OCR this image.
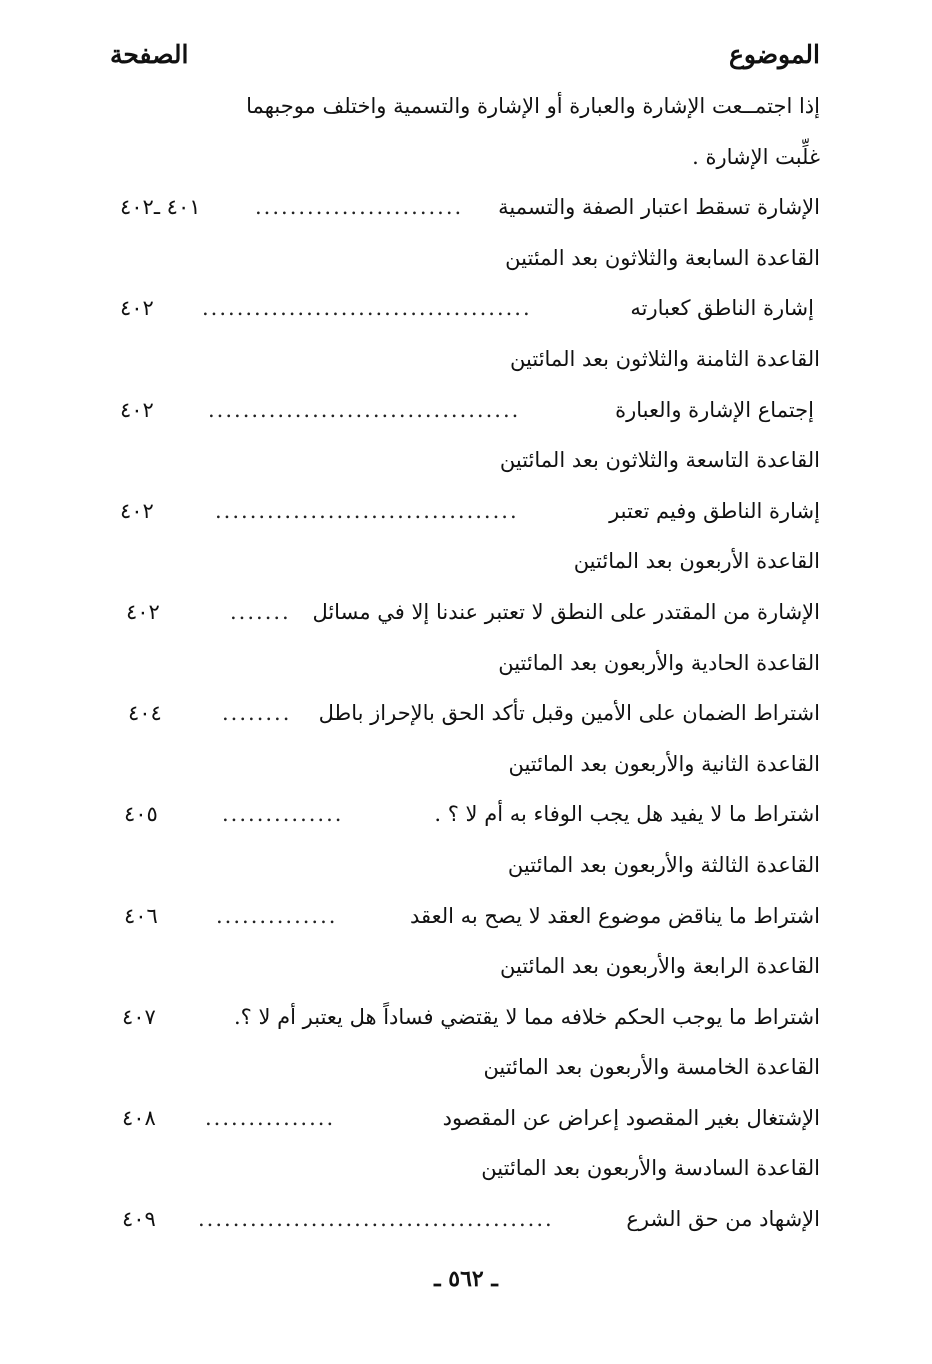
الموضوع
الصفحة
إذا اجتمــعت الإشارة والعبارة أو الإشارة والتسمية واختلف موجبهما
غلِّبت الإشارة .
الإشارة تسقط اعتبار الصفة والتسمية
........................
٤٠١ ـ٤٠٢
القاعدة السابعة والثلاثون بعد المئتين
إشارة الناطق كعبارته
......................................
٤٠٢
القاعدة الثامنة والثلاثون بعد المائتين
إجتماع الإشارة والعبارة
....................................
٤٠٢
القاعدة التاسعة والثلاثون بعد المائتين
إشارة الناطق وفيم تعتبر
...................................
٤٠٢
القاعدة الأربعون بعد المائتين
الإشارة من المقتدر على النطق لا تعتبر عندنا إلا في مسائل
.......
٤٠٢
القاعدة الحادية والأربعون بعد المائتين
اشتراط الضمان على الأمين وقبل تأكد الحق بالإحراز باطل
........
٤٠٤
القاعدة الثانية والأربعون بعد المائتين
اشتراط ما لا يفيد هل يجب الوفاء به أم لا ؟ .
..............
٤٠٥
القاعدة الثالثة والأربعون بعد المائتين
اشتراط ما يناقض موضوع العقد لا يصح به العقد
..............
٤٠٦
القاعدة الرابعة والأربعون بعد المائتين
اشتراط ما يوجب الحكم خلافه مما لا يقتضي فساداً هل يعتبر أم لا ؟.
٤٠٧
القاعدة الخامسة والأربعون بعد المائتين
الإشتغال بغير المقصود إعراض عن المقصود
...............
٤٠٨
القاعدة السادسة والأربعون بعد المائتين
الإشهاد من حق الشرع
.........................................
٤٠٩
ـ ٥٦٢ ـ
